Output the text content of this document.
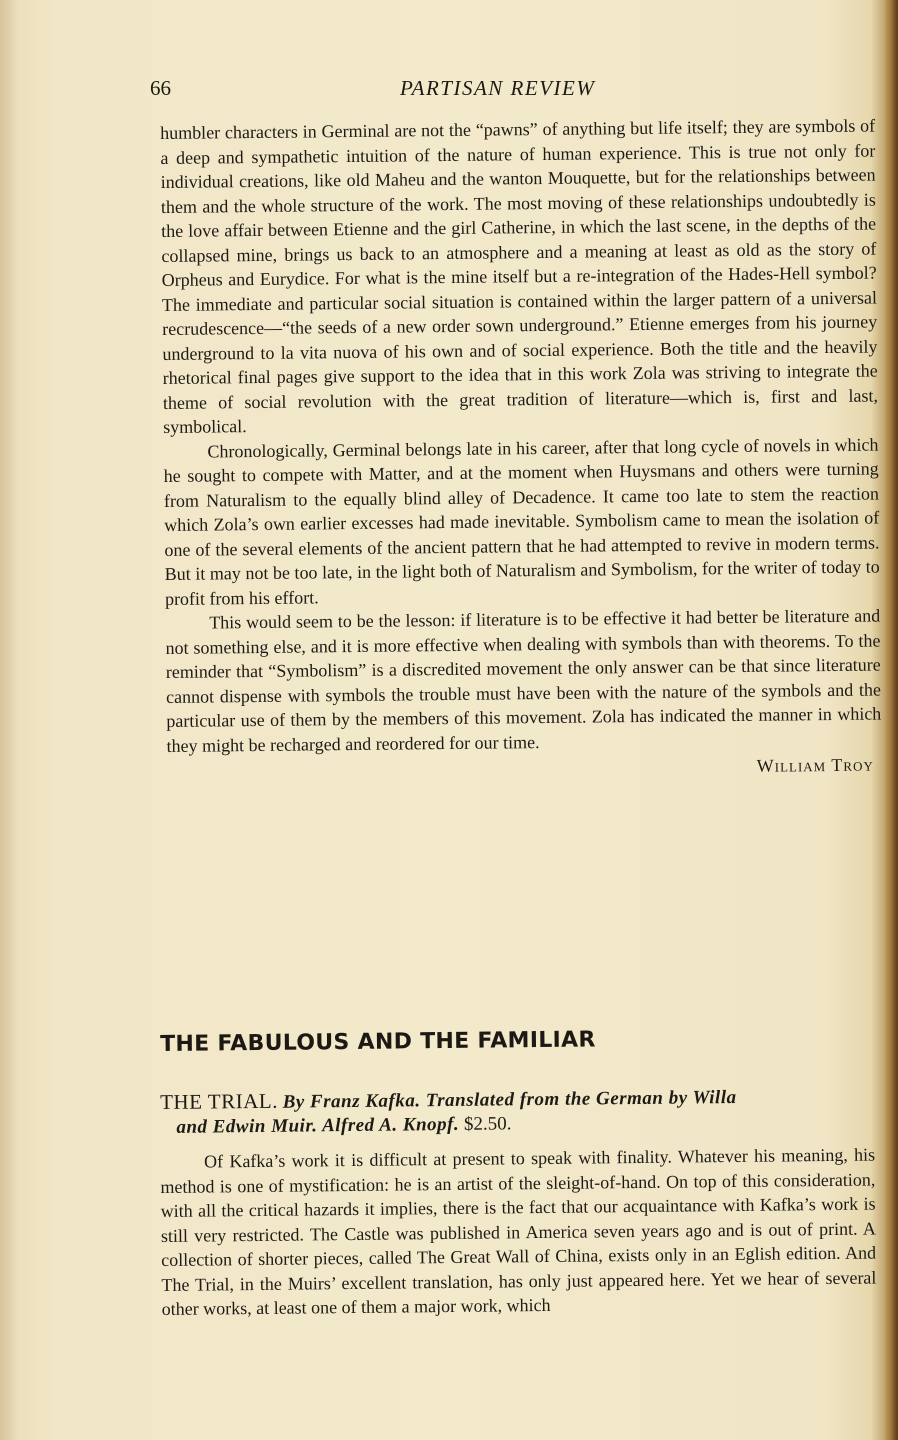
66	PARTISAN REVIEW

humbler characters in Germinal are not the “pawns” of anything but life itself; they are symbols of a deep and sympathetic intuition of the nature of human experience. This is true not only for individual creations, like old Maheu and the wanton Mouquette, but for the relationships between them and the whole structure of the work. The most moving of these relationships undoubtedly is the love affair between Etienne and the girl Catherine, in which the last scene, in the depths of the collapsed mine, brings us back to an atmosphere and a meaning at least as old as the story of Orpheus and Eurydice. For what is the mine itself but a re-integration of the Hades-Hell symbol? The immediate and particular social situation is contained within the larger pattern of a universal recrudescence—“the seeds of a new order sown underground.” Etienne emerges from his journey underground to la vita nuova of his own and of social experience. Both the title and the heavily rhetorical final pages give support to the idea that in this work Zola was striving to integrate the theme of social revolution with the great tradition of literature—which is, first and last, symbolical.

Chronologically, Germinal belongs late in his career, after that long cycle of novels in which he sought to compete with Matter, and at the moment when Huysmans and others were turning from Naturalism to the equally blind alley of Decadence. It came too late to stem the reaction which Zola’s own earlier excesses had made inevitable. Symbolism came to mean the isolation of one of the several elements of the ancient pattern that he had attempted to revive in modern terms. But it may not be too late, in the light both of Naturalism and Symbolism, for the writer of today to profit from his effort.

This would seem to be the lesson: if literature is to be effective it had better be literature and not something else, and it is more effective when dealing with symbols than with theorems. To the reminder that “Symbolism” is a discredited movement the only answer can be that since literature cannot dispense with symbols the trouble must have been with the nature of the symbols and the particular use of them by the members of this movement. Zola has indicated the manner in which they might be recharged and reordered for our time.

William Troy

THE FABULOUS AND THE FAMILIAR
THE TRIAL. By Franz Kafka. Translated from the German by Willa
and Edwin Muir. Alfred A. Knopf. $2.50.

Of Kafka’s work it is difficult at present to speak with finality. Whatever his meaning, his method is one of mystification: he is an artist of the sleight-of-hand. On top of this consideration, with all the critical hazards it implies, there is the fact that our acquaintance with Kafka’s work is still very restricted. The Castle was published in America seven years ago and is out of print. A collection of shorter pieces, called The Great Wall of China, exists only in an Eglish edition. And The Trial, in the Muirs’ excellent translation, has only just appeared here. Yet we hear of several other works, at least one of them a major work, which
